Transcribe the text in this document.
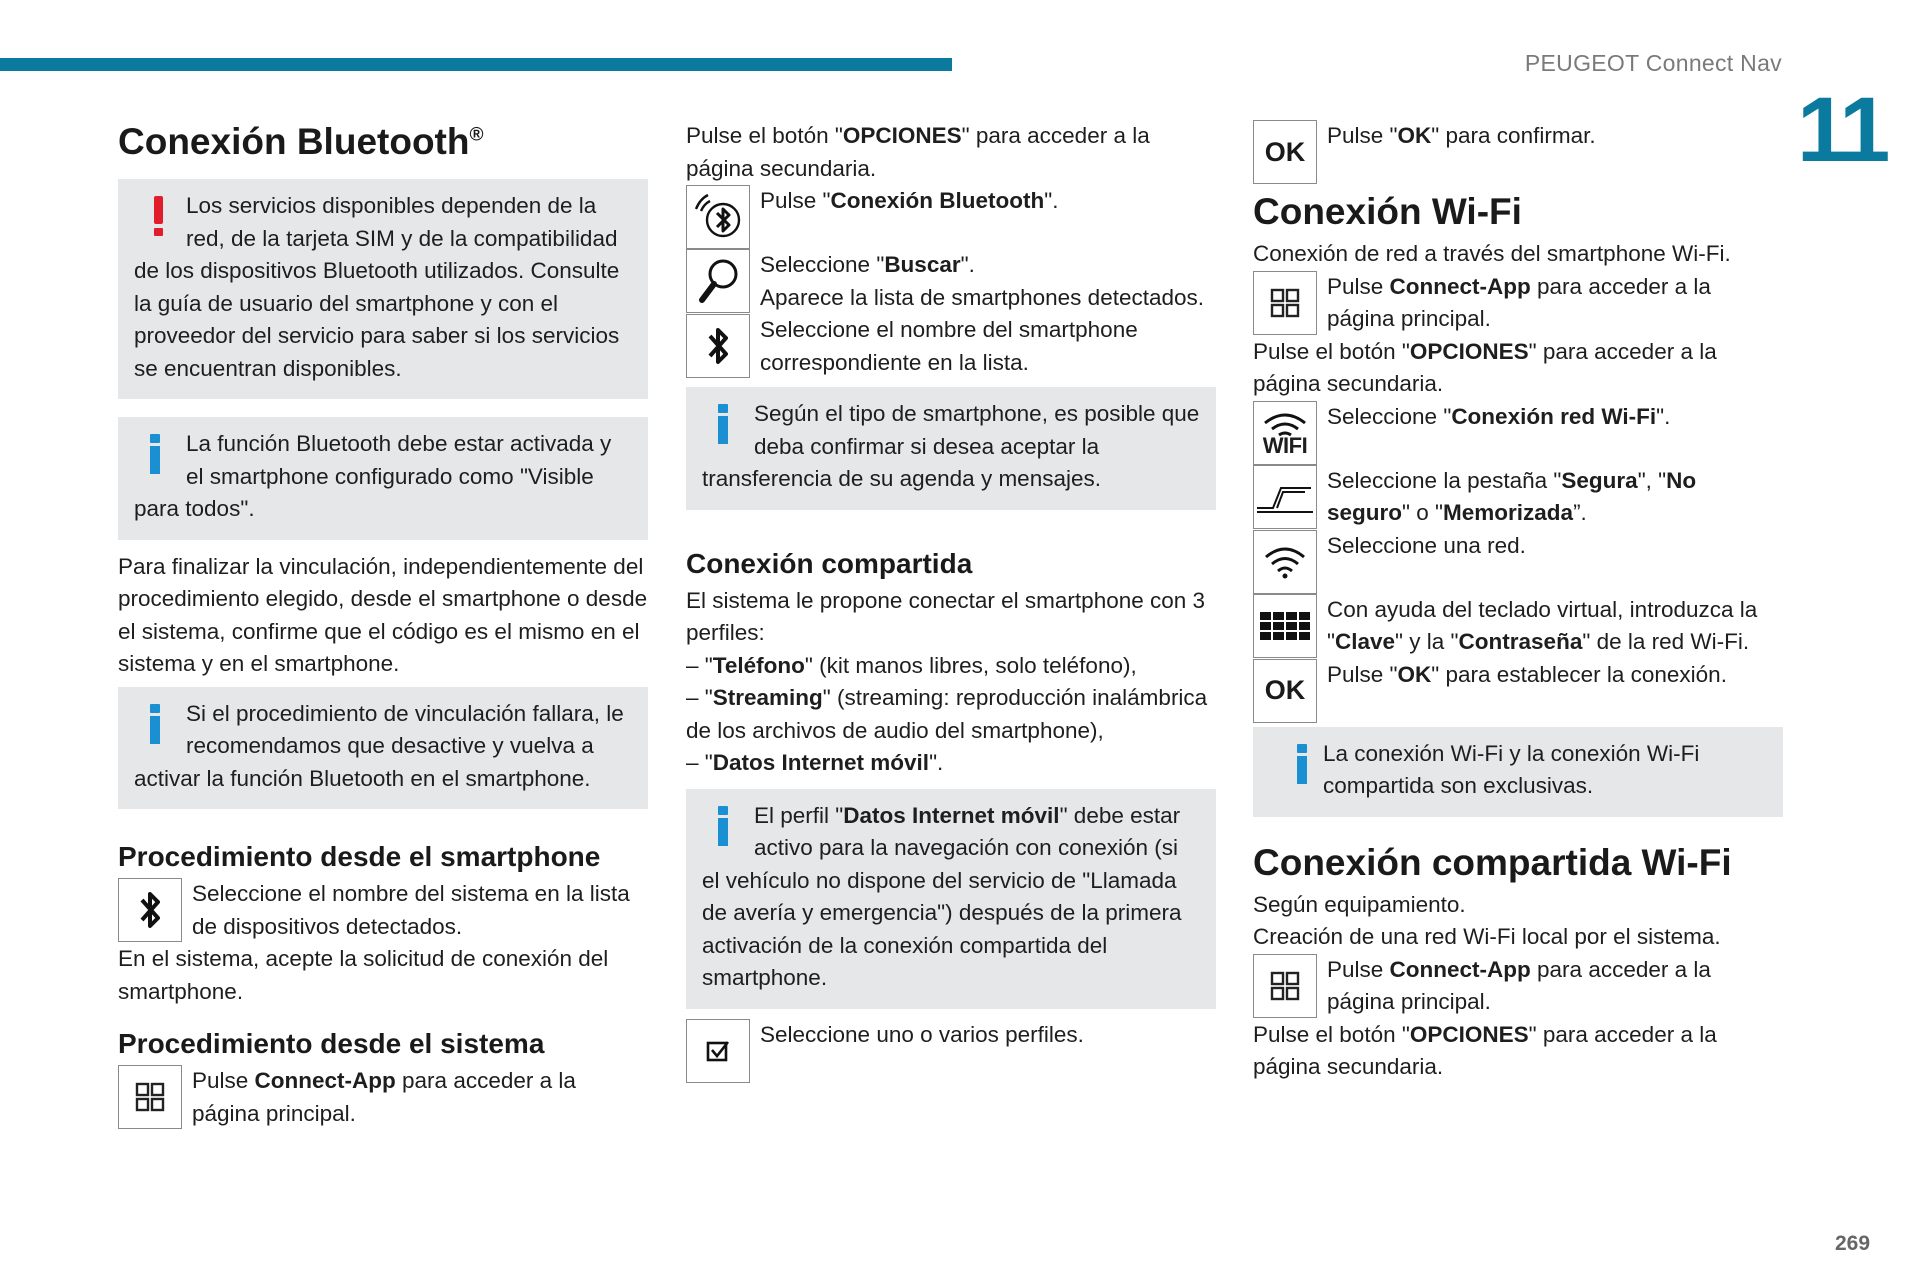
PEUGEOT Connect Nav
11
269
Conexión Bluetooth®

Los servicios disponibles dependen de la red, de la tarjeta SIM y de la compatibilidad de los dispositivos Bluetooth utilizados. Consulte la guía de usuario del smartphone y con el proveedor del servicio para saber si los servicios se encuentran disponibles.

La función Bluetooth debe estar activada y el smartphone configurado como "Visible para todos".

Para finalizar la vinculación, independientemente del procedimiento elegido, desde el smartphone o desde el sistema, confirme que el código es el mismo en el sistema y en el smartphone.

Si el procedimiento de vinculación fallara, le recomendamos que desactive y vuelva a activar la función Bluetooth en el smartphone.

Procedimiento desde el smartphone
Seleccione el nombre del sistema en la lista de dispositivos detectados.

En el sistema, acepte la solicitud de conexión del smartphone.

Procedimiento desde el sistema
Pulse Connect-App para acceder a la página principal.

Pulse el botón "OPCIONES" para acceder a la página secundaria.

Pulse "Conexión Bluetooth".
Seleccione "Buscar".
Aparece la lista de smartphones detectados.
Seleccione el nombre del smartphone correspondiente en la lista.

Según el tipo de smartphone, es posible que deba confirmar si desea aceptar la transferencia de su agenda y mensajes.

Conexión compartida

El sistema le propone conectar el smartphone con 3 perfiles:

– "Teléfono" (kit manos libres, solo teléfono),

– "Streaming" (streaming: reproducción inalámbrica de los archivos de audio del smartphone),

– "Datos Internet móvil".

El perfil "Datos Internet móvil" debe estar activo para la navegación con conexión (si el vehículo no dispone del servicio de "Llamada de avería y emergencia") después de la primera activación de la conexión compartida del smartphone.

Seleccione uno o varios perfiles.
OK
Pulse "OK" para confirmar.
Conexión Wi-Fi

Conexión de red a través del smartphone Wi-Fi.

Pulse Connect-App para acceder a la página principal.

Pulse el botón "OPCIONES" para acceder a la página secundaria.

WIFI
Seleccione "Conexión red Wi-Fi".
Seleccione la pestaña "Segura", "No seguro" o "Memorizada”.
Seleccione una red.
Con ayuda del teclado virtual, introduzca la "Clave" y la "Contraseña" de la red Wi-Fi.
OK
Pulse "OK" para establecer la conexión.

La conexión Wi-Fi y la conexión Wi-Fi compartida son exclusivas.

Conexión compartida Wi-Fi

Según equipamiento.

Creación de una red Wi-Fi local por el sistema.

Pulse Connect-App para acceder a la página principal.

Pulse el botón "OPCIONES" para acceder a la página secundaria.
